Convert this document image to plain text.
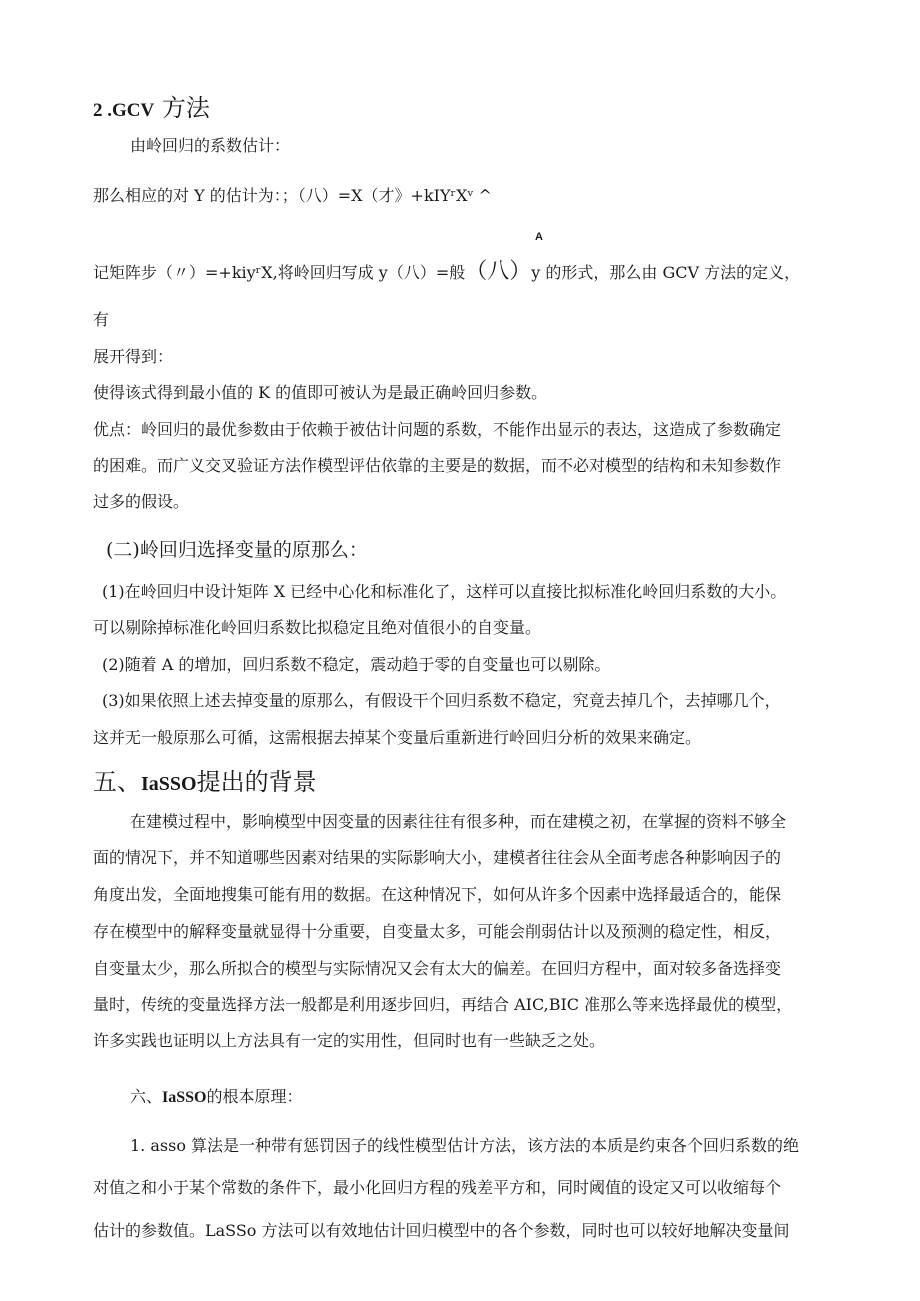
2 .GCV 方法
由岭回归的系数估计：
那么相应的对 Y 的估计为：；（八）=X（才》+kIYʳXᵛ ^
A
记矩阵步（〃）=+kiyʳX,将岭回归写成 y（八）=般（八）y 的形式，那么由 GCV 方法的定义，
有
展开得到：
使得该式得到最小值的 K 的值即可被认为是最正确岭回归参数。
优点：岭回归的最优参数由于依赖于被估计问题的系数，不能作出显示的表达，这造成了参数确定
的困难。而广义交叉验证方法作模型评估依靠的主要是的数据，而不必对模型的结构和未知参数作
过多的假设。
(二)岭回归选择变量的原那么：
(1)在岭回归中设计矩阵 X 已经中心化和标准化了，这样可以直接比拟标准化岭回归系数的大小。
可以剔除掉标准化岭回归系数比拟稳定且绝对值很小的自变量。
(2)随着 A 的增加，回归系数不稳定，震动趋于零的自变量也可以剔除。
(3)如果依照上述去掉变量的原那么，有假设干个回归系数不稳定，究竟去掉几个，去掉哪几个，
这并无一般原那么可循，这需根据去掉某个变量后重新进行岭回归分析的效果来确定。
五、IaSSO提出的背景
在建模过程中，影响模型中因变量的因素往往有很多种，而在建模之初，在掌握的资料不够全
面的情况下，并不知道哪些因素对结果的实际影响大小，建模者往往会从全面考虑各种影响因子的
角度出发，全面地搜集可能有用的数据。在这种情况下，如何从许多个因素中选择最适合的，能保
存在模型中的解释变量就显得十分重要，自变量太多，可能会削弱估计以及预测的稳定性，相反，
自变量太少，那么所拟合的模型与实际情况又会有太大的偏差。在回归方程中，面对较多备选择变
量时，传统的变量选择方法一般都是利用逐步回归，再结合 AIC,BIC 准那么等来选择最优的模型，
许多实践也证明以上方法具有一定的实用性，但同时也有一些缺乏之处。
六、IaSSO的根本原理：
1. asso 算法是一种带有惩罚因子的线性模型估计方法，该方法的本质是约束各个回归系数的绝
对值之和小于某个常数的条件下，最小化回归方程的残差平方和，同时阈值的设定又可以收缩每个
估计的参数值。LaSSo 方法可以有效地估计回归模型中的各个参数，同时也可以较好地解决变量间
